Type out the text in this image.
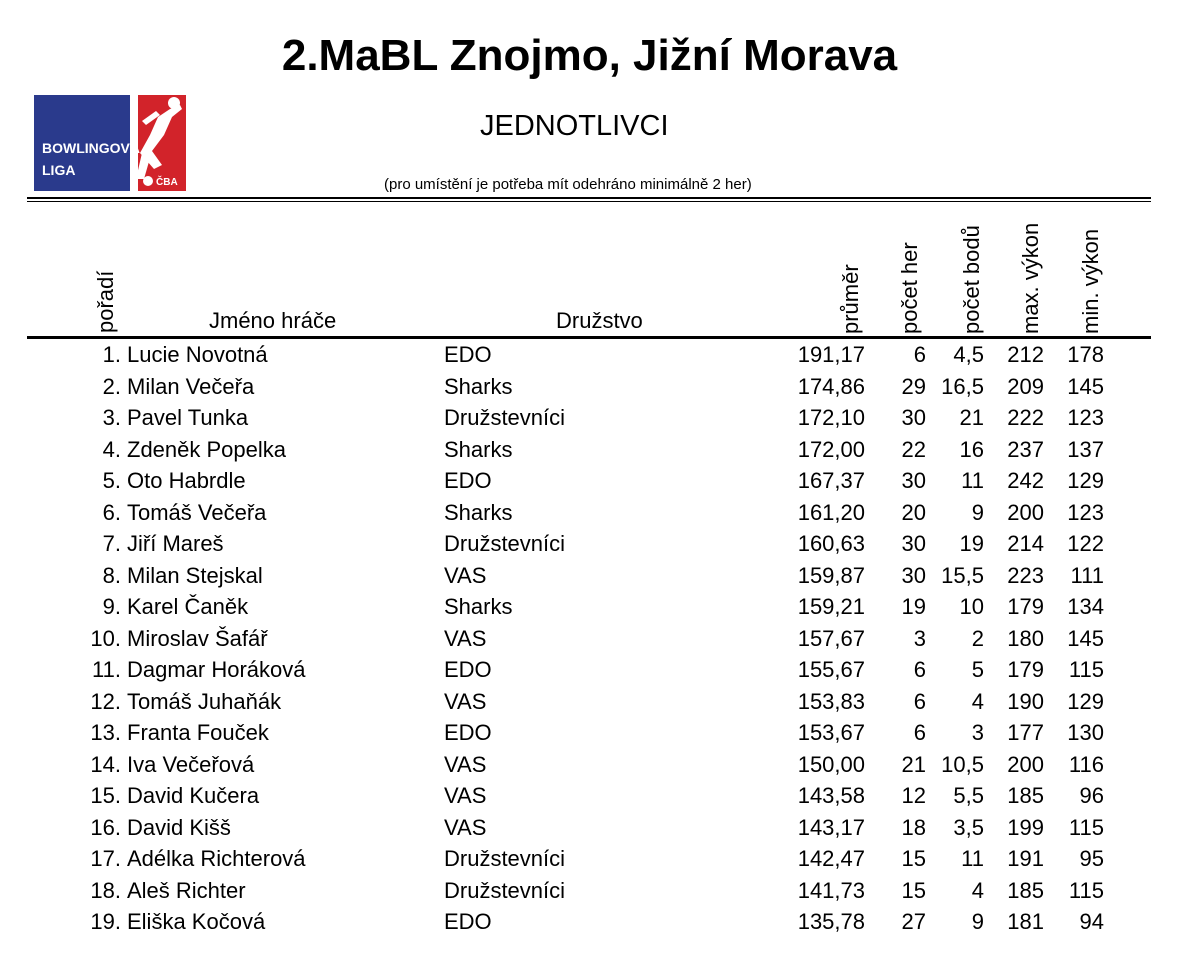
2.MaBL Znojmo, Jižní Morava
JEDNOTLIVCI
(pro umístění je potřeba mít odehráno minimálně 2 her)
BOWLINGOVÁ
LIGA
ČBA
pořadí	Jméno hráče	Družstvo	průměr počet her počet bodů max. výkon min. výkon
1. Lucie Novotná	EDO	191,17 6 4,5 212 178
2. Milan Večeřa	Sharks	174,86 29 16,5 209 145
3. Pavel Tunka	Družstevníci	172,10 30 21 222 123
4. Zdeněk Popelka	Sharks	172,00 22 16 237 137
5. Oto Habrdle	EDO	167,37 30 11 242 129
6. Tomáš Večeřa	Sharks	161,20 20 9 200 123
7. Jiří Mareš	Družstevníci	160,63 30 19 214 122
8. Milan Stejskal	VAS	159,87 30 15,5 223 111
9. Karel Čaněk	Sharks	159,21 19 10 179 134
10. Miroslav Šafář	VAS	157,67 3 2 180 145
11. Dagmar Horáková	EDO	155,67 6 5 179 115
12. Tomáš Juhaňák	VAS	153,83 6 4 190 129
13. Franta Fouček	EDO	153,67 6 3 177 130
14. Iva Večeřová	VAS	150,00 21 10,5 200 116
15. David Kučera	VAS	143,58 12 5,5 185 96
16. David Kišš	VAS	143,17 18 3,5 199 115
17. Adélka Richterová	Družstevníci	142,47 15 11 191 95
18. Aleš Richter	Družstevníci	141,73 15 4 185 115
19. Eliška Kočová	EDO	135,78 27 9 181 94
